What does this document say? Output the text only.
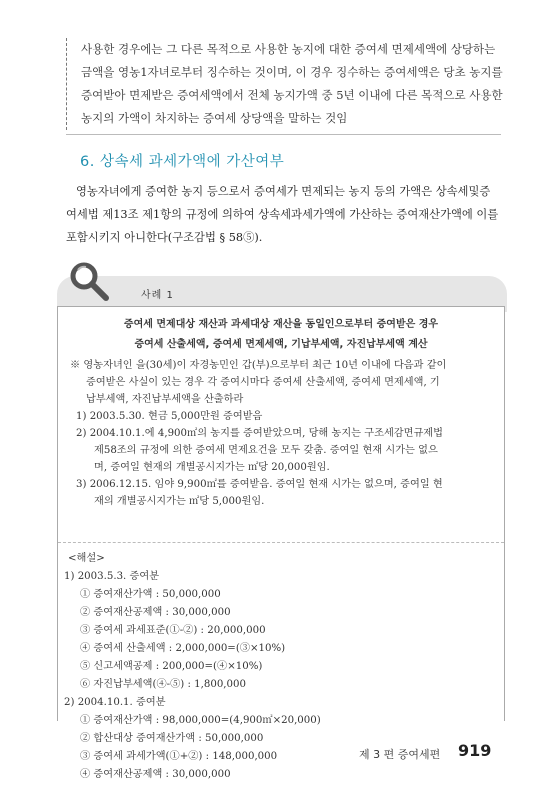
사용한 경우에는 그 다른 목적으로 사용한 농지에 대한 증여세 면제세액에 상당하는

금액을 영농1자녀로부터 징수하는 것이며, 이 경우 징수하는 증여세액은 당초 농지를

증여받아 면제받은 증여세액에서 전체 농지가액 중 5년 이내에 다른 목적으로 사용한

농지의 가액이 차지하는 증여세 상당액을 말하는 것임

6. 상속세 과세가액에 가산여부
영농자녀에게 증여한 농지 등으로서 증여세가 면제되는 농지 등의 가액은 상속세및증
여세법 제13조 제1항의 규정에 의하여 상속세과세가액에 가산하는 증여재산가액에 이를
포함시키지 아니한다(구조감법 § 58⑤).
사례 1
증여세 면제대상 재산과 과세대상 재산을 동일인으로부터 증여받은 경우
증여세 산출세액, 증여세 면제세액, 기납부세액, 자진납부세액 계산
※ 영농자녀인 을(30세)이 자경농민인 갑(부)으로부터 최근 10년 이내에 다음과 같이
증여받은 사실이 있는 경우 각 증여시마다 증여세 산출세액, 증여세 면제세액, 기
납부세액, 자진납부세액을 산출하라
1) 2003.5.30. 현금 5,000만원 증여받음
2) 2004.10.1.에 4,900㎡의 농지를 증여받았으며, 당해 농지는 구조세감면규제법
제58조의 규정에 의한 증여세 면제요건을 모두 갖춤. 증여일 현재 시가는 없으
며, 증여일 현재의 개별공시지가는 ㎡당 20,000원임.
3) 2006.12.15. 임야 9,900㎡를 증여받음. 증여일 현재 시가는 없으며, 증여일 현
재의 개별공시지가는 ㎡당 5,000원임.
<해설>
1) 2003.5.3. 증여분
① 증여재산가액 : 50,000,000
② 증여재산공제액 : 30,000,000
③ 증여세 과세표준(①-②) : 20,000,000
④ 증여세 산출세액 : 2,000,000=(③×10%)
⑤ 신고세액공제 : 200,000=(④×10%)
⑥ 자진납부세액(④-⑤) : 1,800,000
2) 2004.10.1. 증여분
① 증여재산가액 : 98,000,000=(4,900㎡×20,000)
② 합산대상 증여재산가액 : 50,000,000
③ 증여세 과세가액(①+②) : 148,000,000
④ 증여재산공제액 : 30,000,000
제 3 편 증여세편 919
